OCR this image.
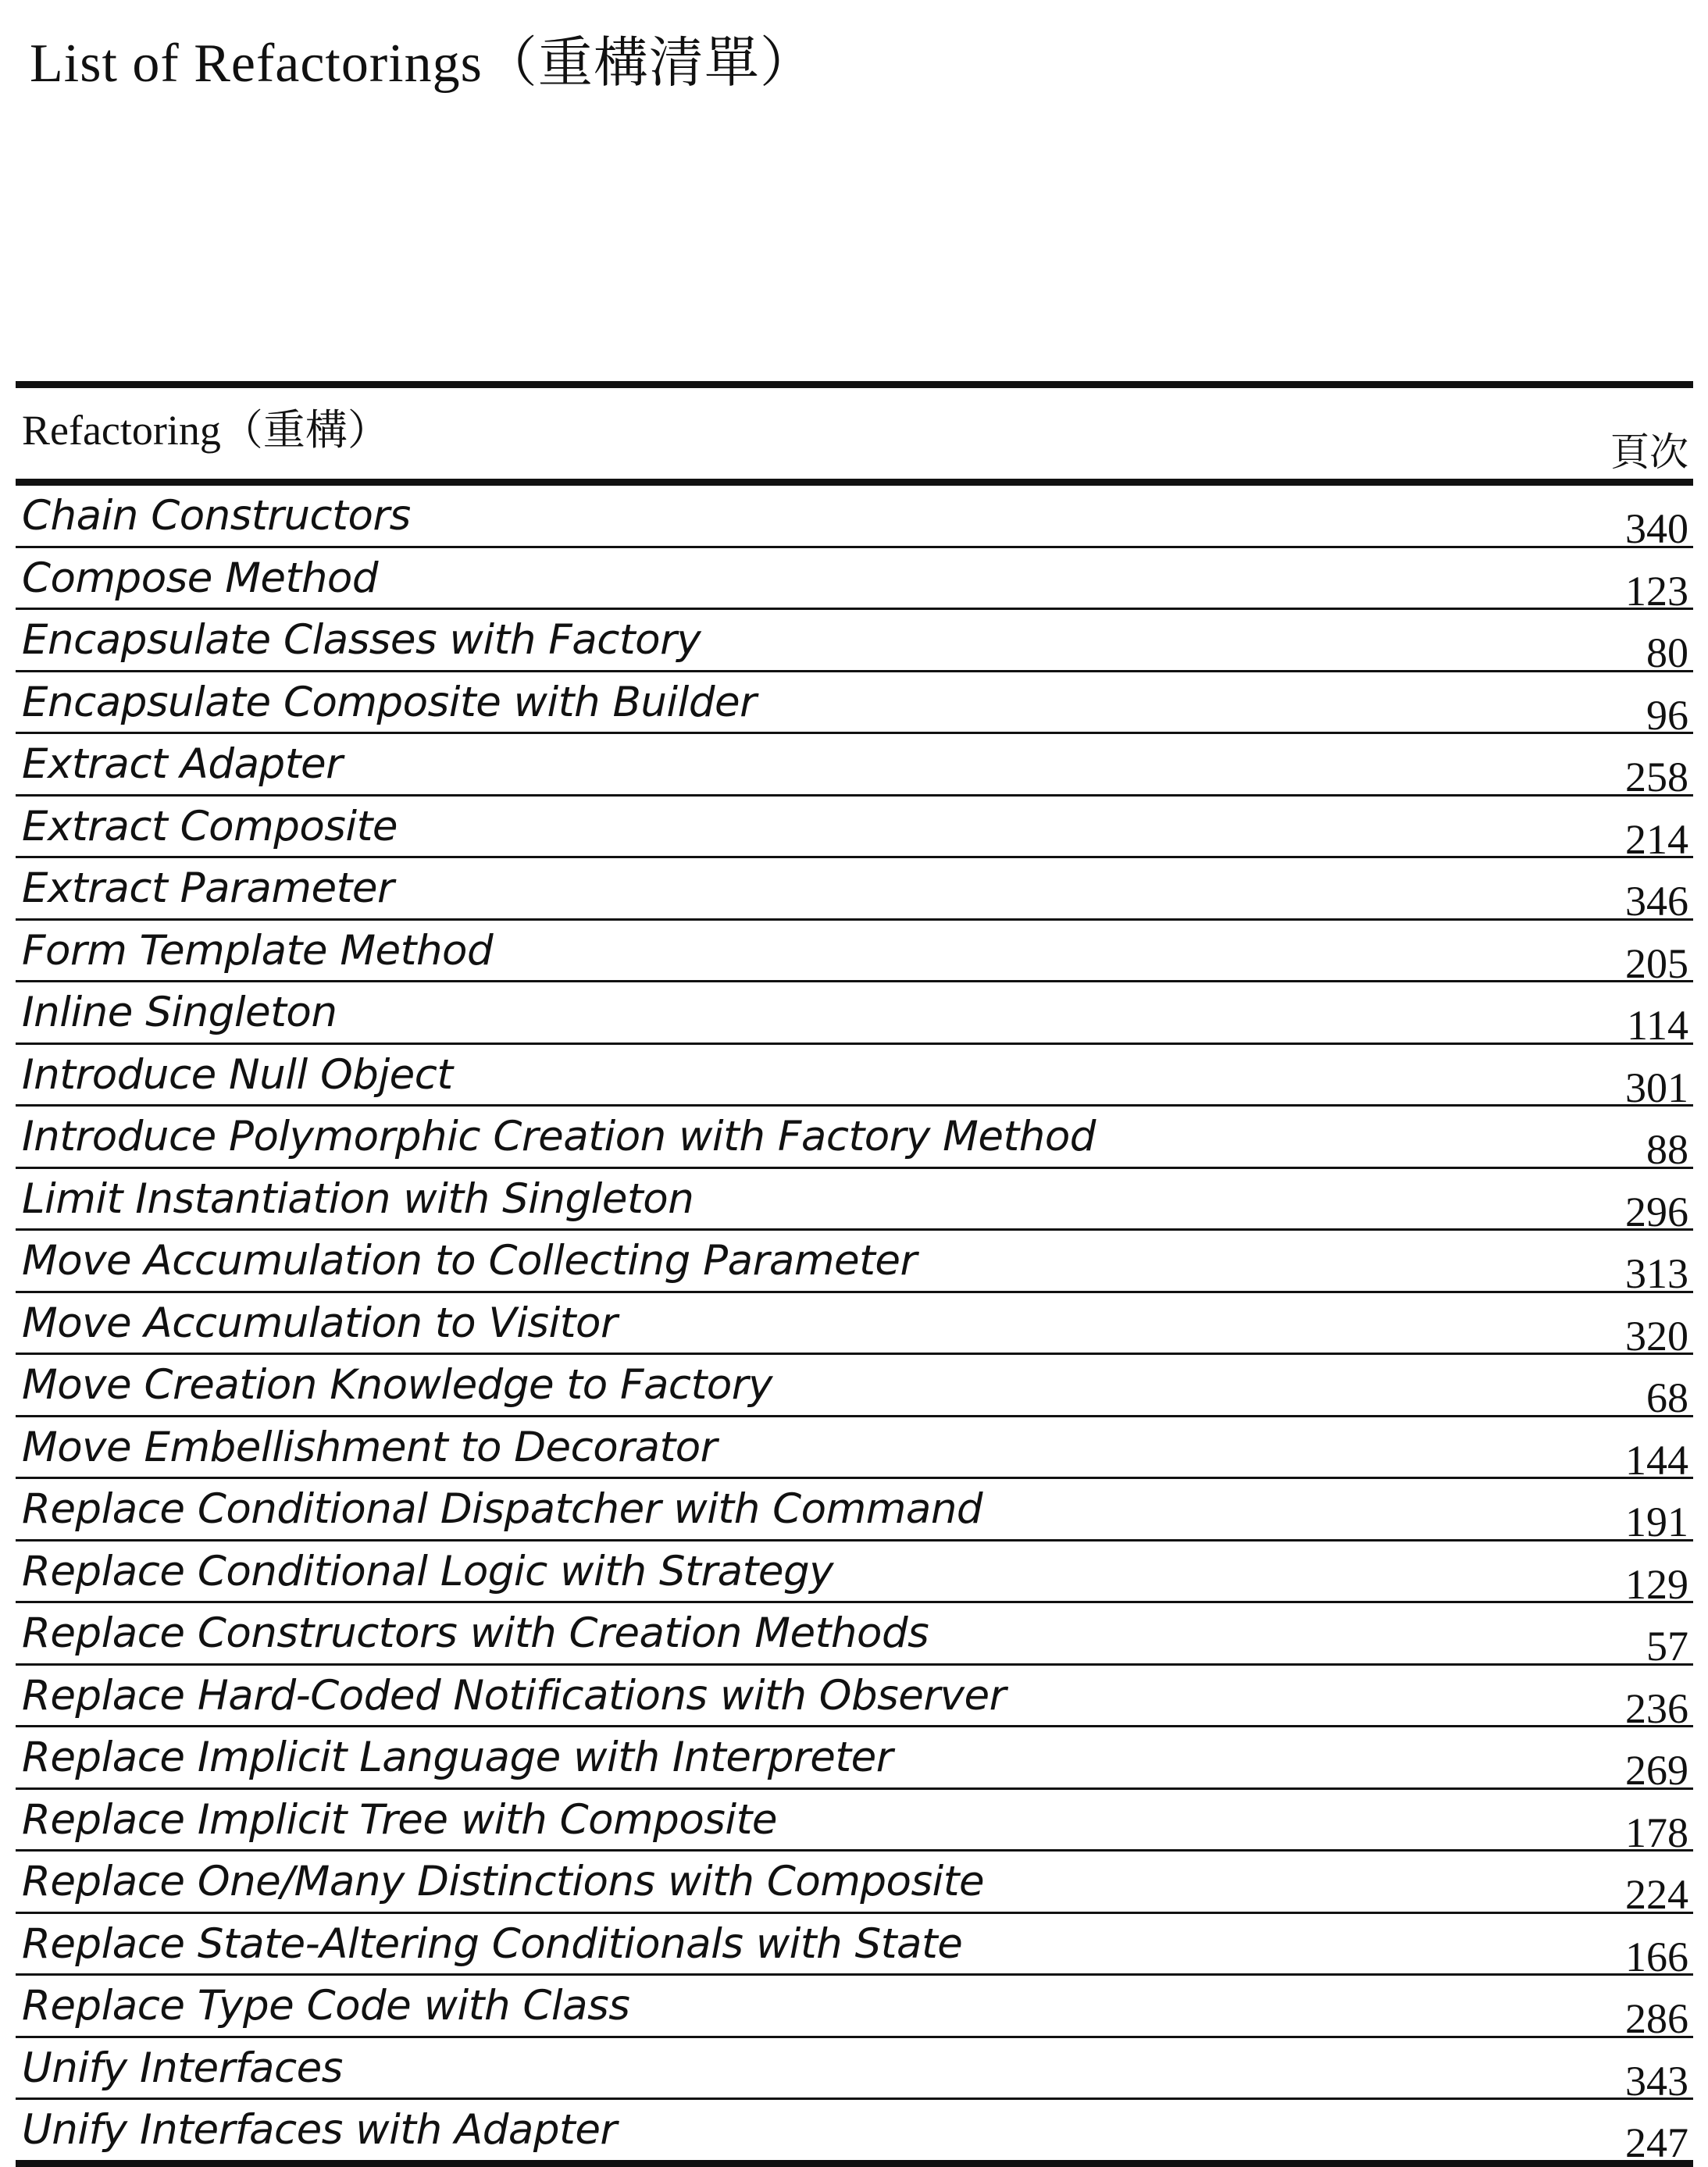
List of Refactorings（重構清單）
Refactoring（重構）	頁次
Chain Constructors	340
Compose Method	123
Encapsulate Classes with Factory	80
Encapsulate Composite with Builder	96
Extract Adapter	258
Extract Composite	214
Extract Parameter	346
Form Template Method	205
Inline Singleton	114
Introduce Null Object	301
Introduce Polymorphic Creation with Factory Method	88
Limit Instantiation with Singleton	296
Move Accumulation to Collecting Parameter	313
Move Accumulation to Visitor	320
Move Creation Knowledge to Factory	68
Move Embellishment to Decorator	144
Replace Conditional Dispatcher with Command	191
Replace Conditional Logic with Strategy	129
Replace Constructors with Creation Methods	57
Replace Hard-Coded Notifications with Observer	236
Replace Implicit Language with Interpreter	269
Replace Implicit Tree with Composite	178
Replace One/Many Distinctions with Composite	224
Replace State-Altering Conditionals with State	166
Replace Type Code with Class	286
Unify Interfaces	343
Unify Interfaces with Adapter	247
